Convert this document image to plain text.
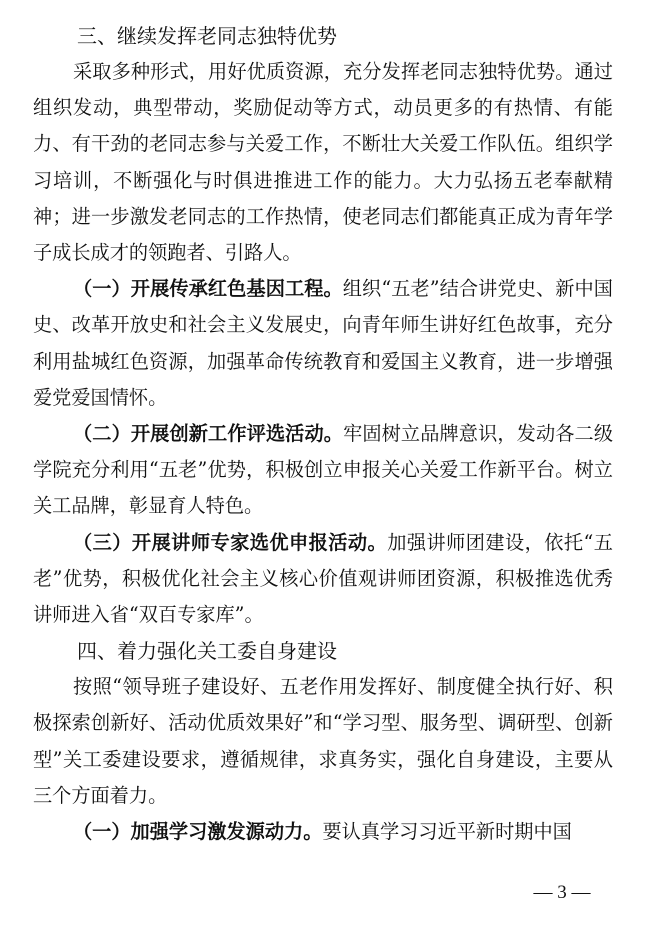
三、继续发挥老同志独特优势

采取多种形式，用好优质资源，充分发挥老同志独特优势。通过组织发动，典型带动，奖励促动等方式，动员更多的有热情、有能力、有干劲的老同志参与关爱工作，不断壮大关爱工作队伍。组织学习培训，不断强化与时俱进推进工作的能力。大力弘扬五老奉献精神；进一步激发老同志的工作热情，使老同志们都能真正成为青年学子成长成才的领跑者、引路人。

（一）开展传承红色基因工程。组织“五老”结合讲党史、新中国史、改革开放史和社会主义发展史，向青年师生讲好红色故事，充分利用盐城红色资源，加强革命传统教育和爱国主义教育，进一步增强爱党爱国情怀。

（二）开展创新工作评选活动。牢固树立品牌意识，发动各二级学院充分利用“五老”优势，积极创立申报关心关爱工作新平台。树立关工品牌，彰显育人特色。

（三）开展讲师专家选优申报活动。加强讲师团建设，依托“五老”优势，积极优化社会主义核心价值观讲师团资源，积极推选优秀讲师进入省“双百专家库”。

四、着力强化关工委自身建设

按照“领导班子建设好、五老作用发挥好、制度健全执行好、积极探索创新好、活动优质效果好”和“学习型、服务型、调研型、创新型”关工委建设要求，遵循规律，求真务实，强化自身建设，主要从三个方面着力。

（一）加强学习激发源动力。要认真学习习近平新时期中国

— 3 —
